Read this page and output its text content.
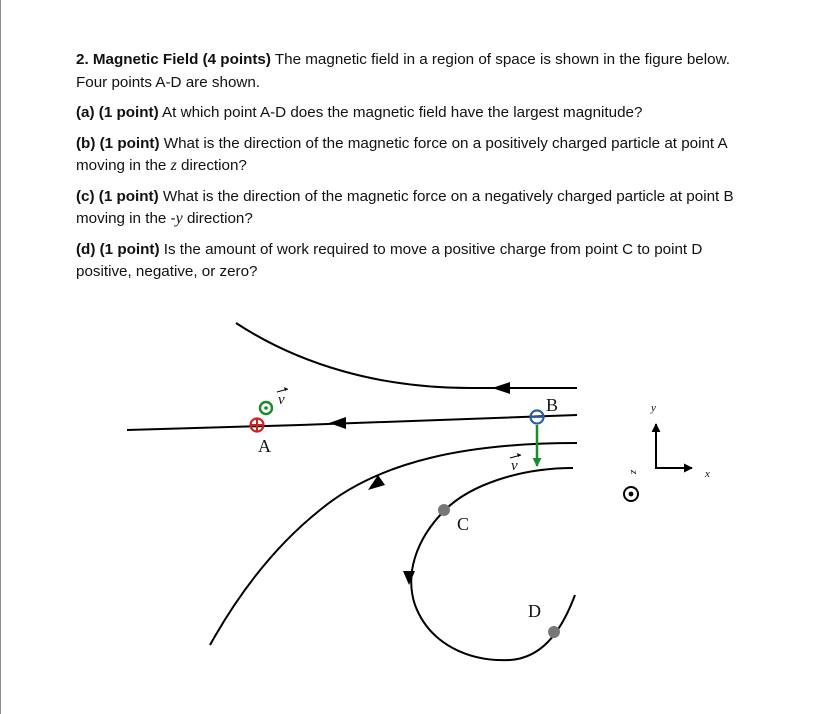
2. Magnetic Field (4 points) The magnetic field in a region of space is shown in the figure below. Four points A-D are shown.

(a) (1 point) At which point A-D does the magnetic field have the largest magnitude?

(b) (1 point) What is the direction of the magnetic force on a positively charged particle at point A moving in the z direction?

(c) (1 point) What is the direction of the magnetic force on a negatively charged particle at point B moving in the -y direction?

(d) (1 point) Is the amount of work required to move a positive charge from point C to point D positive, negative, or zero?

v
A
B
v
C
D
y
x
z
